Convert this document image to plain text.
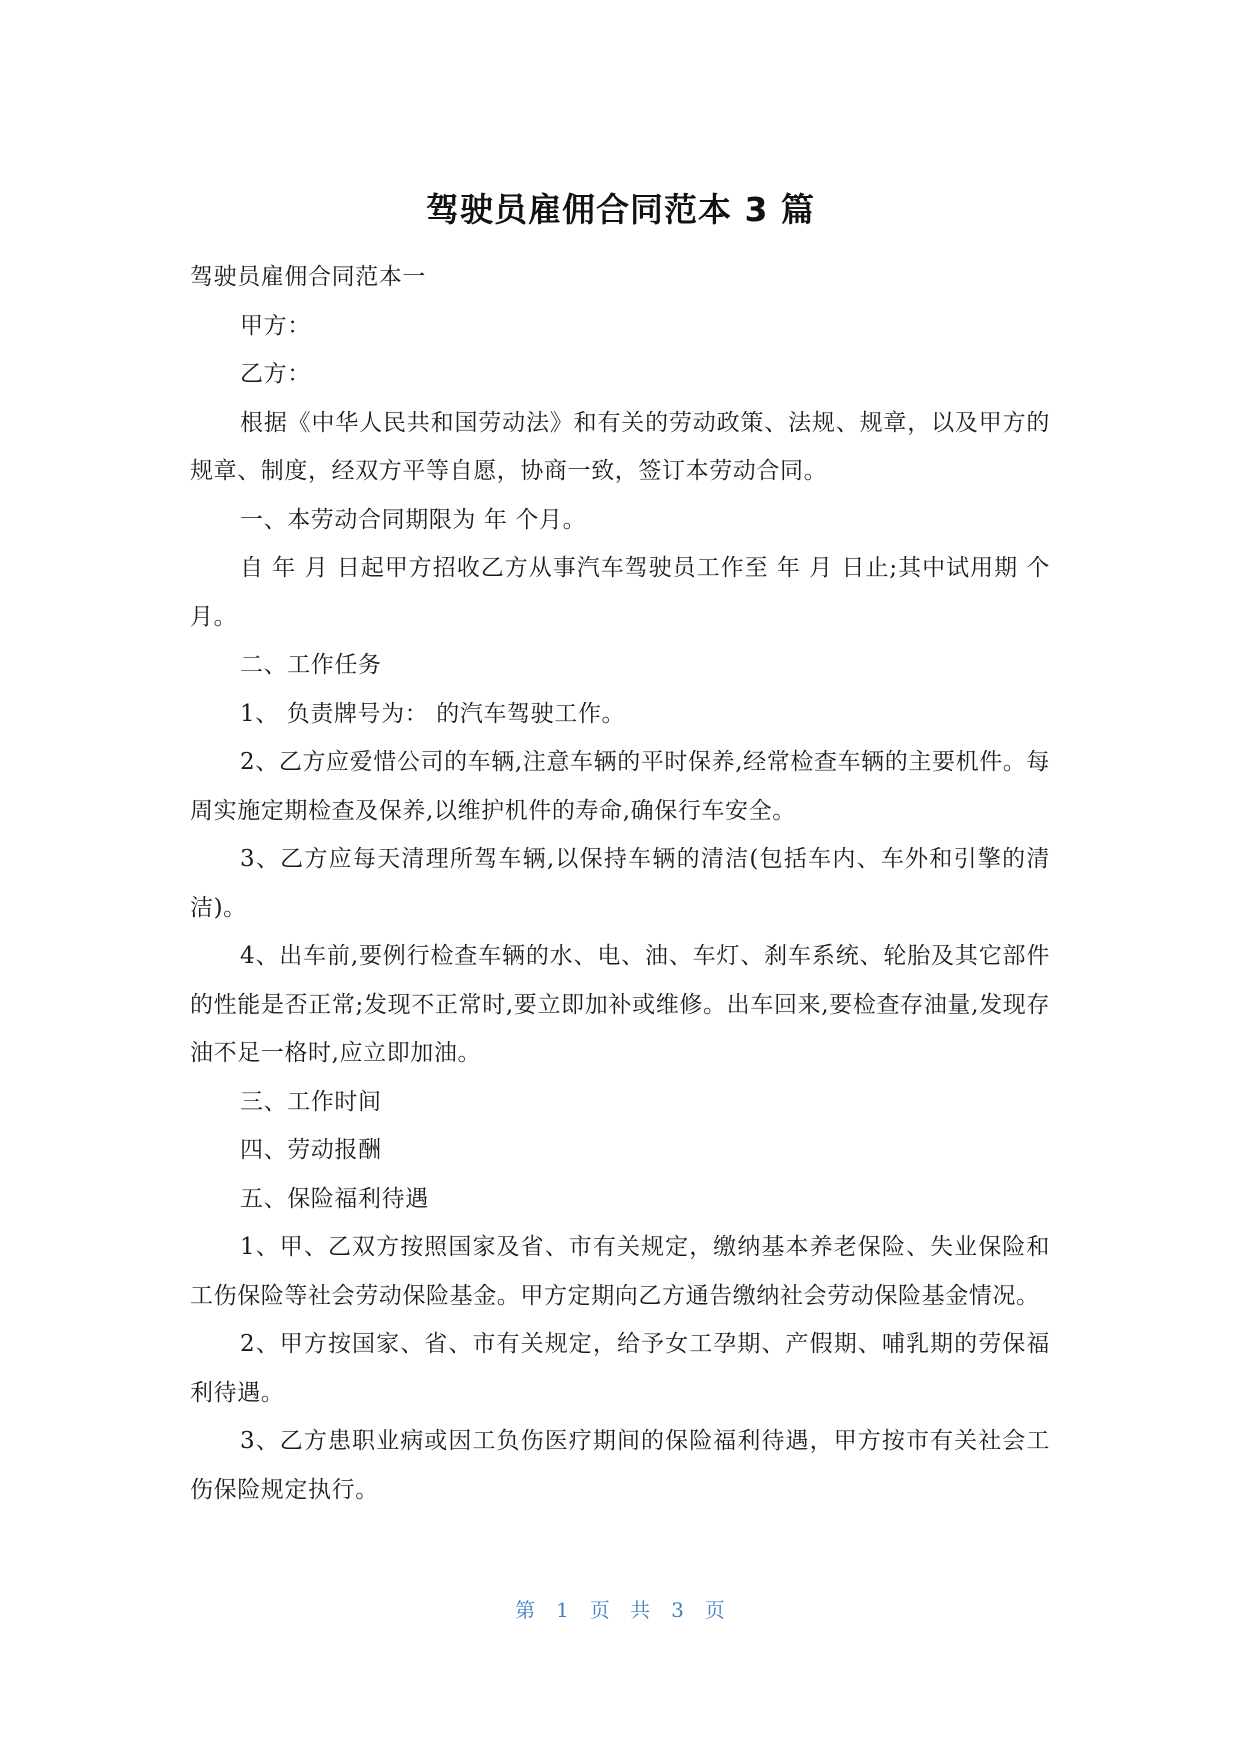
驾驶员雇佣合同范本 3 篇

驾驶员雇佣合同范本一

甲方：

乙方：

根据《中华人民共和国劳动法》和有关的劳动政策、法规、规章，以及甲方的规章、制度，经双方平等自愿，协商一致，签订本劳动合同。

一、本劳动合同期限为 年 个月。

自 年 月 日起甲方招收乙方从事汽车驾驶员工作至 年 月 日止;其中试用期 个月。

二、工作任务

1、 负责牌号为： 的汽车驾驶工作。

2、乙方应爱惜公司的车辆,注意车辆的平时保养,经常检查车辆的主要机件。每周实施定期检查及保养,以维护机件的寿命,确保行车安全。

3、乙方应每天清理所驾车辆,以保持车辆的清洁(包括车内、车外和引擎的清洁)。

4、出车前,要例行检查车辆的水、电、油、车灯、刹车系统、轮胎及其它部件的性能是否正常;发现不正常时,要立即加补或维修。出车回来,要检查存油量,发现存油不足一格时,应立即加油。

三、工作时间

四、劳动报酬

五、保险福利待遇

1、甲、乙双方按照国家及省、市有关规定，缴纳基本养老保险、失业保险和工伤保险等社会劳动保险基金。甲方定期向乙方通告缴纳社会劳动保险基金情况。

2、甲方按国家、省、市有关规定，给予女工孕期、产假期、哺乳期的劳保福利待遇。

3、乙方患职业病或因工负伤医疗期间的保险福利待遇，甲方按市有关社会工伤保险规定执行。

第 1 页 共 3 页
